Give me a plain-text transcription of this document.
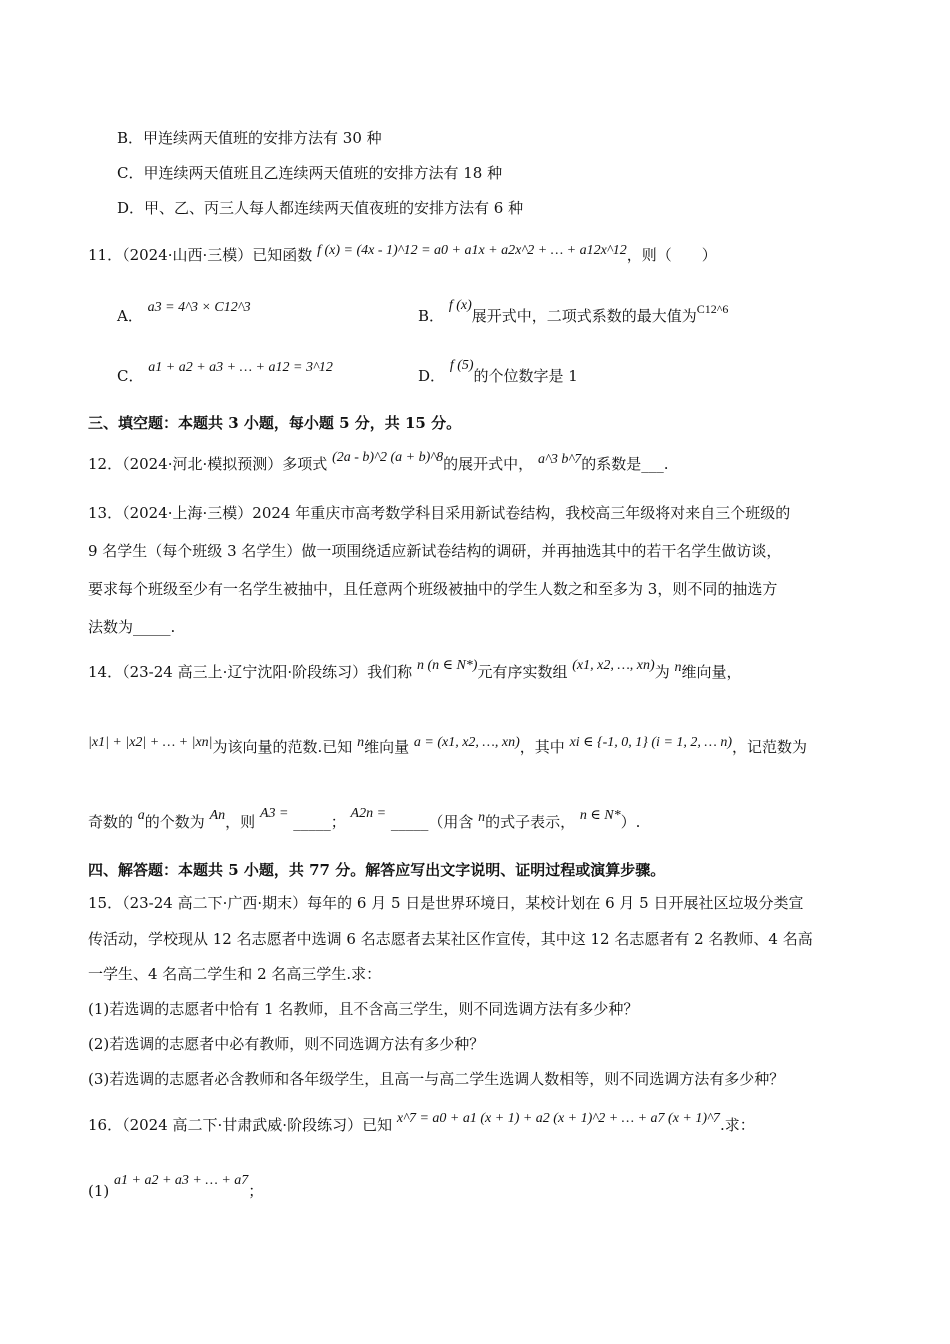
B．甲连续两天值班的安排方法有 30 种
C．甲连续两天值班且乙连续两天值班的安排方法有 18 种
D．甲、乙、丙三人每人都连续两天值夜班的安排方法有 6 种
11．（2024·山西·三模）已知函数 f (x) = (4x - 1)^12 = a0 + a1x + a2x^2 + … + a12x^12，则（　　）
A． a3 = 4^3 × C12^3	B． f (x)展开式中，二项式系数的最大值为$^{C12\^{}6}$
C． a1 + a2 + a3 + … + a12 = 3^12	D． f (5)的个位数字是 1
三、填空题：本题共 3 小题，每小题 5 分，共 15 分。
12．（2024·河北·模拟预测）多项式 (2a - b)^2 (a + b)^8的展开式中， a^3 b^7的系数是___.
13．（2024·上海·三模）2024 年重庆市高考数学科目采用新试卷结构，我校高三年级将对来自三个班级的
9 名学生（每个班级 3 名学生）做一项围绕适应新试卷结构的调研，并再抽选其中的若干名学生做访谈，
要求每个班级至少有一名学生被抽中，且任意两个班级被抽中的学生人数之和至多为 3，则不同的抽选方
法数为_____.
14．（23-24 高三上·辽宁沈阳·阶段练习）我们称 n (n ∈ N*)元有序实数组 (x1, x2, …, xn)为 n维向量，
|x1| + |x2| + … + |xn|为该向量的范数.已知 n维向量 a = (x1, x2, …, xn)，其中 xi ∈ {-1, 0, 1} (i = 1, 2, … n)，记范数为
奇数的 a的个数为 An，则 A3 = _____； A2n = _____（用含 n的式子表示， n ∈ N*）.
四、解答题：本题共 5 小题，共 77 分。解答应写出文字说明、证明过程或演算步骤。
15．（23-24 高二下·广西·期末）每年的 6 月 5 日是世界环境日，某校计划在 6 月 5 日开展社区垃圾分类宣
传活动，学校现从 12 名志愿者中选调 6 名志愿者去某社区作宣传，其中这 12 名志愿者有 2 名教师、4 名高
一学生、4 名高二学生和 2 名高三学生.求：
(1)若选调的志愿者中恰有 1 名教师，且不含高三学生，则不同选调方法有多少种？
(2)若选调的志愿者中必有教师，则不同选调方法有多少种？
(3)若选调的志愿者必含教师和各年级学生，且高一与高二学生选调人数相等，则不同选调方法有多少种？
16．（2024 高二下·甘肃武威·阶段练习）已知 x^7 = a0 + a1 (x + 1) + a2 (x + 1)^2 + … + a7 (x + 1)^7.求：
(1) a1 + a2 + a3 + … + a7；
